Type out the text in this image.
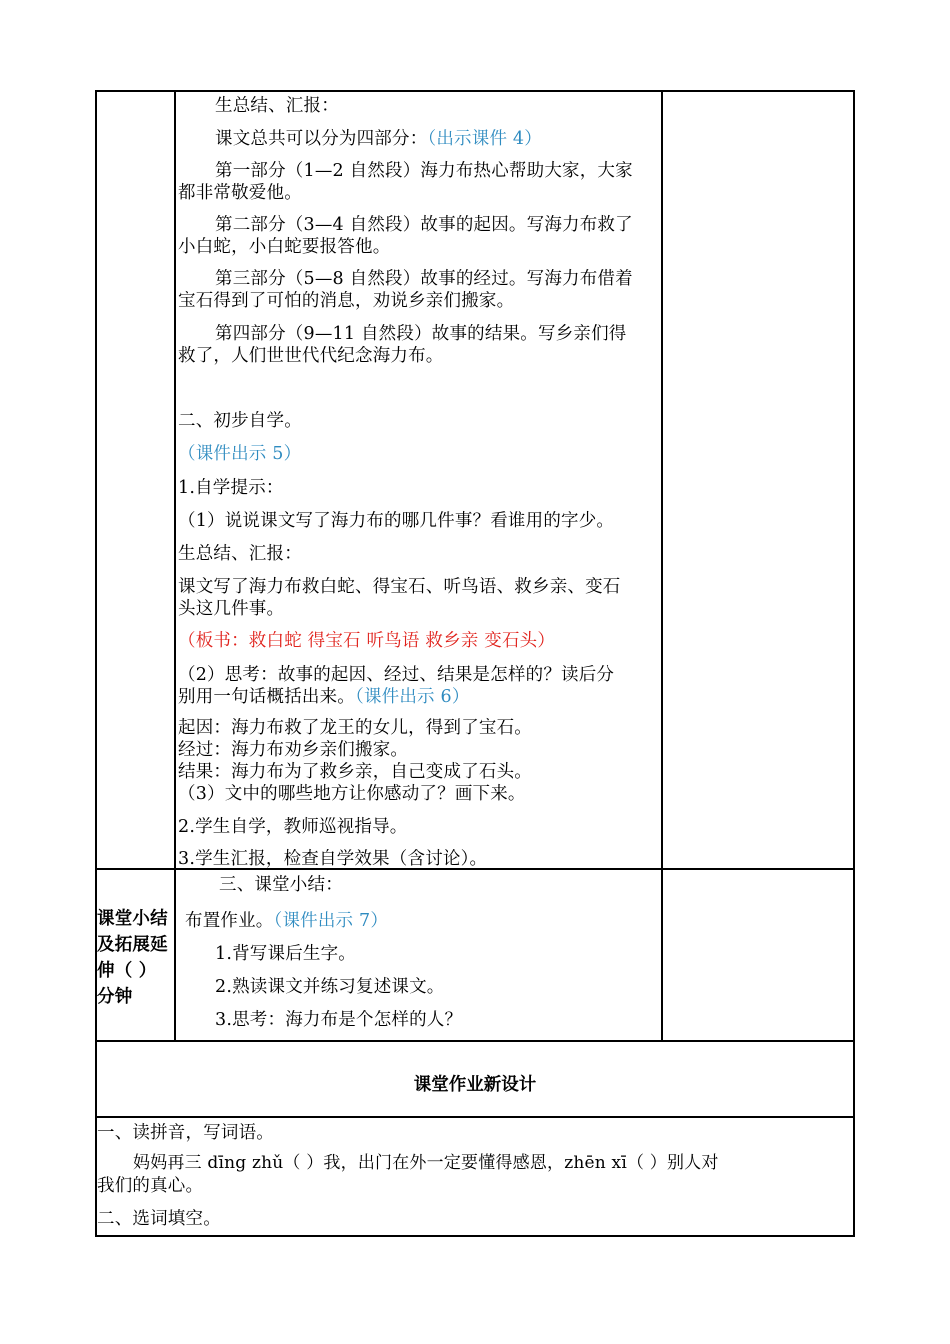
生总结、汇报：
课文总共可以分为四部分：（出示课件 4）
第一部分（1—2 自然段）海力布热心帮助大家，大家
都非常敬爱他。
第二部分（3—4 自然段）故事的起因。写海力布救了
小白蛇，小白蛇要报答他。
第三部分（5—8 自然段）故事的经过。写海力布借着
宝石得到了可怕的消息，劝说乡亲们搬家。
第四部分（9—11 自然段）故事的结果。写乡亲们得
救了，人们世世代代纪念海力布。
二、初步自学。
（课件出示 5）
1.自学提示：
（1）说说课文写了海力布的哪几件事？看谁用的字少。
生总结、汇报：
课文写了海力布救白蛇、得宝石、听鸟语、救乡亲、变石
头这几件事。
（板书：救白蛇 得宝石 听鸟语 救乡亲 变石头）
（2）思考：故事的起因、经过、结果是怎样的？读后分
别用一句话概括出来。（课件出示 6）
起因：海力布救了龙王的女儿，得到了宝石。
经过：海力布劝乡亲们搬家。
结果：海力布为了救乡亲，自己变成了石头。
（3）文中的哪些地方让你感动了？画下来。
2.学生自学，教师巡视指导。
3.学生汇报，检查自学效果（含讨论）。
课堂小结
及拓展延
伸（ ）
分钟
三、课堂小结：
布置作业。（课件出示 7）
1.背写课后生字。
2.熟读课文并练习复述课文。
3.思考：海力布是个怎样的人？
课堂作业新设计
一、读拼音，写词语。
妈妈再三 dīng zhǔ（ ）我，出门在外一定要懂得感恩，zhēn xī（ ）别人对
我们的真心。
二、选词填空。
